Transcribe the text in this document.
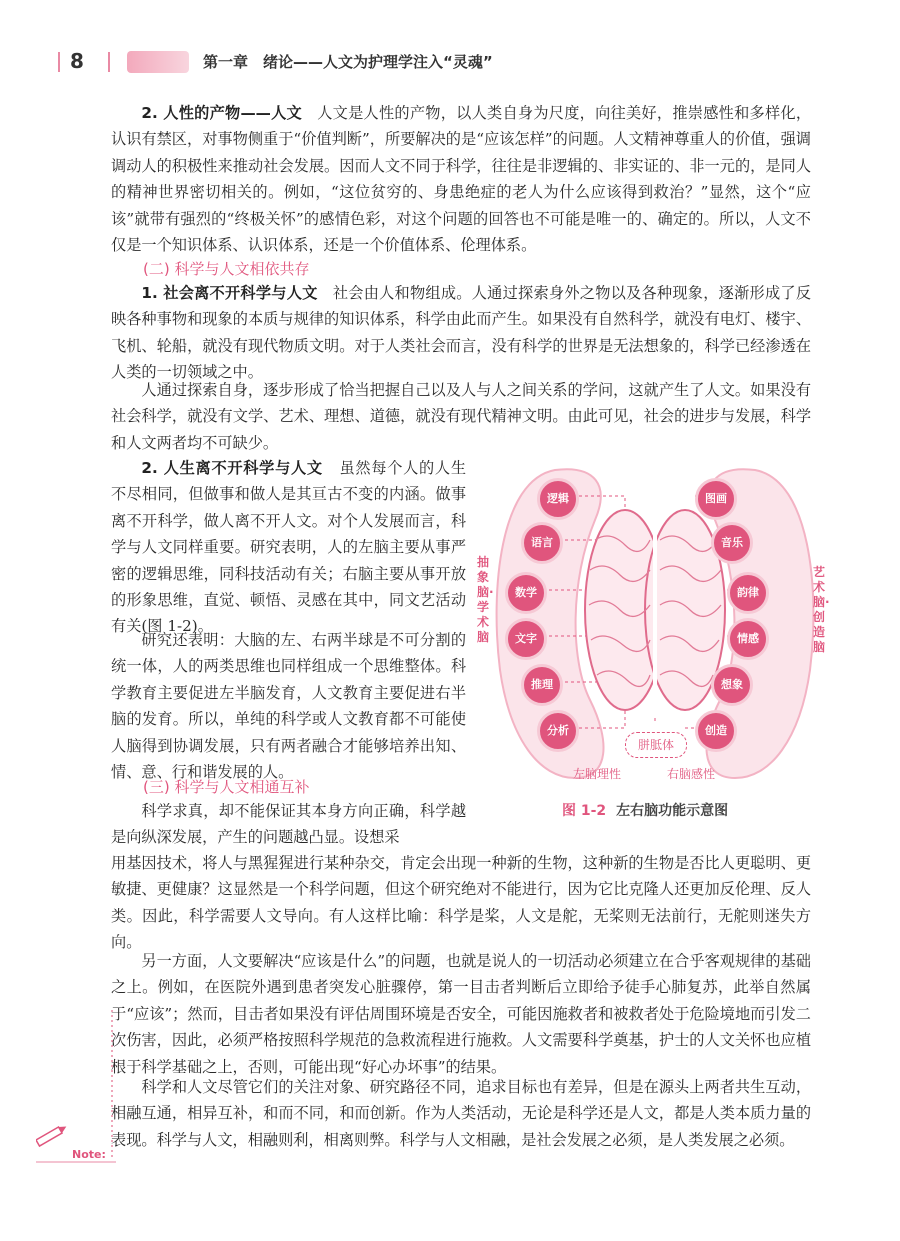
8	第一章　绪论——人文为护理学注入“灵魂”

2. 人性的产物——人文 人文是人性的产物，以人类自身为尺度，向往美好，推崇感性和多样化，认识有禁区，对事物侧重于“价值判断”，所要解决的是“应该怎样”的问题。人文精神尊重人的价值，强调调动人的积极性来推动社会发展。因而人文不同于科学，往往是非逻辑的、非实证的、非一元的，是同人的精神世界密切相关的。例如，“这位贫穷的、身患绝症的老人为什么应该得到救治？”显然，这个“应该”就带有强烈的“终极关怀”的感情色彩，对这个问题的回答也不可能是唯一的、确定的。所以，人文不仅是一个知识体系、认识体系，还是一个价值体系、伦理体系。

(二) 科学与人文相依共存

1. 社会离不开科学与人文 社会由人和物组成。人通过探索身外之物以及各种现象，逐渐形成了反映各种事物和现象的本质与规律的知识体系，科学由此而产生。如果没有自然科学，就没有电灯、楼宇、飞机、轮船，就没有现代物质文明。对于人类社会而言，没有科学的世界是无法想象的，科学已经渗透在人类的一切领域之中。

人通过探索自身，逐步形成了恰当把握自己以及人与人之间关系的学问，这就产生了人文。如果没有社会科学，就没有文学、艺术、理想、道德，就没有现代精神文明。由此可见，社会的进步与发展，科学和人文两者均不可缺少。

2. 人生离不开科学与人文 虽然每个人的人生不尽相同，但做事和做人是其亘古不变的内涵。做事离不开科学，做人离不开人文。对个人发展而言，科学与人文同样重要。研究表明，人的左脑主要从事严密的逻辑思维，同科技活动有关；右脑主要从事开放的形象思维，直觉、顿悟、灵感在其中，同文艺活动有关(图 1-2)。

研究还表明：大脑的左、右两半球是不可分割的统一体，人的两类思维也同样组成一个思维整体。科学教育主要促进左半脑发育，人文教育主要促进右半脑的发育。所以，单纯的科学或人文教育都不可能使人脑得到协调发展，只有两者融合才能够培养出知、情、意、行和谐发展的人。

(三) 科学与人文相通互补

科学求真，却不能保证其本身方向正确，科学越是向纵深发展，产生的问题越凸显。设想采

用基因技术，将人与黑猩猩进行某种杂交，肯定会出现一种新的生物，这种新的生物是否比人更聪明、更敏捷、更健康？这显然是一个科学问题，但这个研究绝对不能进行，因为它比克隆人还更加反伦理、反人类。因此，科学需要人文导向。有人这样比喻：科学是桨，人文是舵，无桨则无法前行，无舵则迷失方向。

另一方面，人文要解决“应该是什么”的问题，也就是说人的一切活动必须建立在合乎客观规律的基础之上。例如，在医院外遇到患者突发心脏骤停，第一目击者判断后立即给予徒手心肺复苏，此举自然属于“应该”；然而，目击者如果没有评估周围环境是否安全，可能因施救者和被救者处于危险境地而引发二次伤害，因此，必须严格按照科学规范的急救流程进行施救。人文需要科学奠基，护士的人文关怀也应植根于科学基础之上，否则，可能出现“好心办坏事”的结果。

科学和人文尽管它们的关注对象、研究路径不同，追求目标也有差异，但是在源头上两者共生互动，相融互通，相异互补，和而不同，和而创新。作为人类活动，无论是科学还是人文，都是人类本质力量的表现。科学与人文，相融则利，相离则弊。科学与人文相融，是社会发展之必须，是人类发展之必须。

逻辑
语言
数学
文字
推理
分析
图画
音乐
韵律
情感
想象
创造
抽象脑·学术脑
艺术脑·创造脑
胼胝体
左脑理性	右脑感性
图 1-2 左右脑功能示意图
Note:
